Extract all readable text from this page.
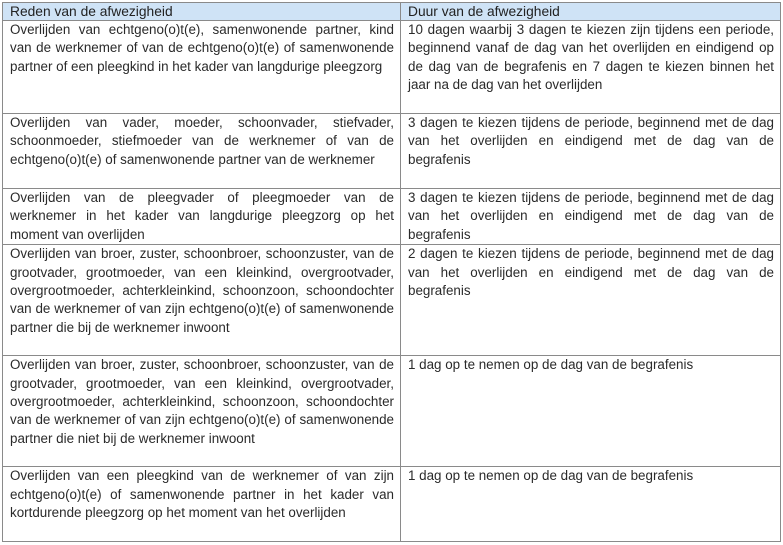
Reden van de afwezigheid	Duur van de afwezigheid
Overlijden van echtgeno(o)t(e), samenwonende partner, kind van de werknemer of van de echtgeno(o)t(e) of samenwonende partner of een pleegkind in het kader van langdurige pleegzorg	10 dagen waarbij 3 dagen te kiezen zijn tijdens een periode, beginnend vanaf de dag van het overlijden en eindigend op de dag van de begrafenis en 7 dagen te kiezen binnen het jaar na de dag van het overlijden
Overlijden van vader, moeder, schoonvader, stiefvader, schoonmoeder, stiefmoeder van de werknemer of van de echtgeno(o)t(e) of samenwonende partner van de werknemer	3 dagen te kiezen tijdens de periode, beginnend met de dag van het overlijden en eindigend met de dag van de begrafenis
Overlijden van de pleegvader of pleegmoeder van de werknemer in het kader van langdurige pleegzorg op het moment van overlijden	3 dagen te kiezen tijdens de periode, beginnend met de dag van het overlijden en eindigend met de dag van de begrafenis
Overlijden van broer, zuster, schoonbroer, schoonzuster, van de grootvader, grootmoeder, van een kleinkind, overgrootvader, overgrootmoeder, achterkleinkind, schoonzoon, schoondochter van de werknemer of van zijn echtgeno(o)t(e) of samenwonende partner die bij de werknemer inwoont	2 dagen te kiezen tijdens de periode, beginnend met de dag van het overlijden en eindigend met de dag van de begrafenis
Overlijden van broer, zuster, schoonbroer, schoonzuster, van de grootvader, grootmoeder, van een kleinkind, overgrootvader, overgrootmoeder, achterkleinkind, schoonzoon, schoondochter van de werknemer of van zijn echtgeno(o)t(e) of samenwonende partner die niet bij de werknemer inwoont	1 dag op te nemen op de dag van de begrafenis
Overlijden van een pleegkind van de werknemer of van zijn echtgeno(o)t(e) of samenwonende partner in het kader van kortdurende pleegzorg op het moment van het overlijden	1 dag op te nemen op de dag van de begrafenis
